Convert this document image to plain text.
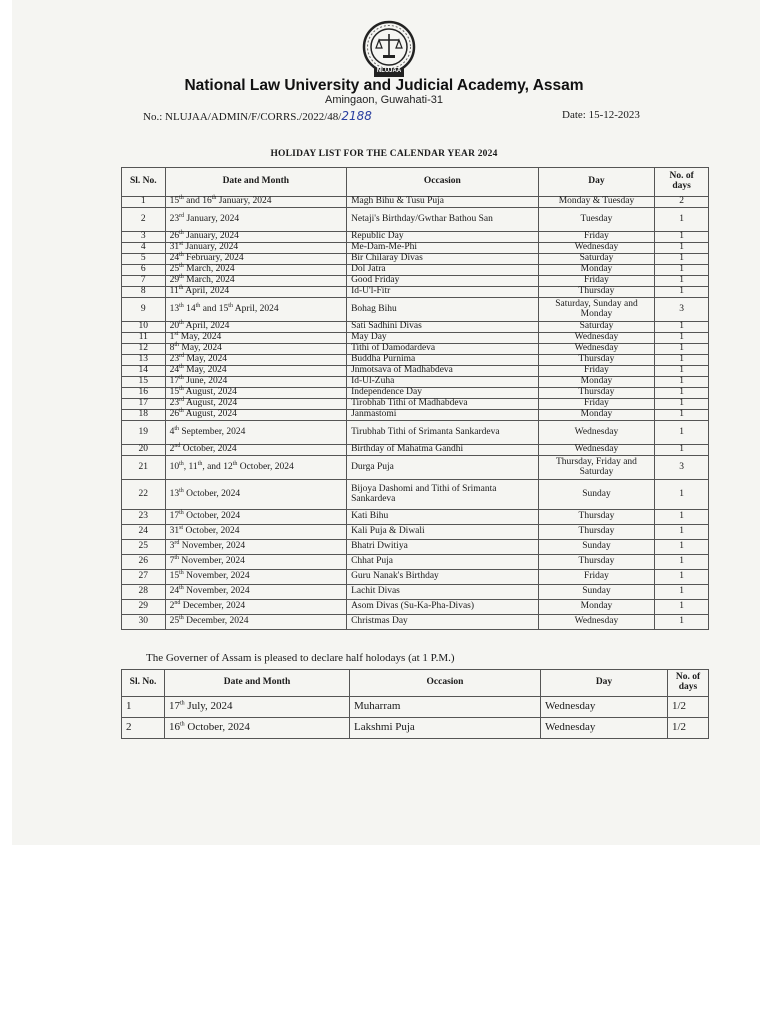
NLUJAA
National Law University and Judicial Academy, Assam
Amingaon, Guwahati-31
No.: NLUJAA/ADMIN/F/CORRS./2022/48/2188	Date: 15-12-2023
HOLIDAY LIST FOR THE CALENDAR YEAR 2024
Sl. No.	Date and Month	Occasion	Day	No. of days
1	15th and 16th January, 2024	Magh Bihu & Tusu Puja	Monday & Tuesday	2
2	23rd January, 2024	Netaji's Birthday/Gwthar Bathou San	Tuesday	1
3	26th January, 2024	Republic Day	Friday	1
4	31st January, 2024	Me-Dam-Me-Phi	Wednesday	1
5	24th February, 2024	Bir Chilaray Divas	Saturday	1
6	25th March, 2024	Dol Jatra	Monday	1
7	29th March, 2024	Good Friday	Friday	1
8	11th April, 2024	Id-U'l-Fitr	Thursday	1
9	13th 14th and 15th April, 2024	Bohag Bihu	Saturday, Sunday and Monday	3
10	20th April, 2024	Sati Sadhini Divas	Saturday	1
11	1st May, 2024	May Day	Wednesday	1
12	8th May, 2024	Tithi of Damodardeva	Wednesday	1
13	23rd May, 2024	Buddha Purnima	Thursday	1
14	24th May, 2024	Jnmotsava of Madhabdeva	Friday	1
15	17th June, 2024	Id-Ul-Zuha	Monday	1
16	15th August, 2024	Independence Day	Thursday	1
17	23rd August, 2024	Tirobhab Tithi of Madhabdeva	Friday	1
18	26th August, 2024	Janmastomi	Monday	1
19	4th September, 2024	Tirubhab Tithi of Srimanta Sankardeva	Wednesday	1
20	2nd October, 2024	Birthday of Mahatma Gandhi	Wednesday	1
21	10th, 11th, and 12th October, 2024	Durga Puja	Thursday, Friday and Saturday	3
22	13th October, 2024	Bijoya Dashomi and Tithi of Srimanta Sankardeva	Sunday	1
23	17th October, 2024	Kati Bihu	Thursday	1
24	31st October, 2024	Kali Puja & Diwali	Thursday	1
25	3rd November, 2024	Bhatri Dwitiya	Sunday	1
26	7th November, 2024	Chhat Puja	Thursday	1
27	15th November, 2024	Guru Nanak's Birthday	Friday	1
28	24th November, 2024	Lachit Divas	Sunday	1
29	2nd December, 2024	Asom Divas (Su-Ka-Pha-Divas)	Monday	1
30	25th December, 2024	Christmas Day	Wednesday	1
The Governer of Assam is pleased to declare half holodays (at 1 P.M.)
Sl. No.	Date and Month	Occasion	Day	No. of days
1	17th July, 2024	Muharram	Wednesday	1/2
2	16th October, 2024	Lakshmi Puja	Wednesday	1/2
